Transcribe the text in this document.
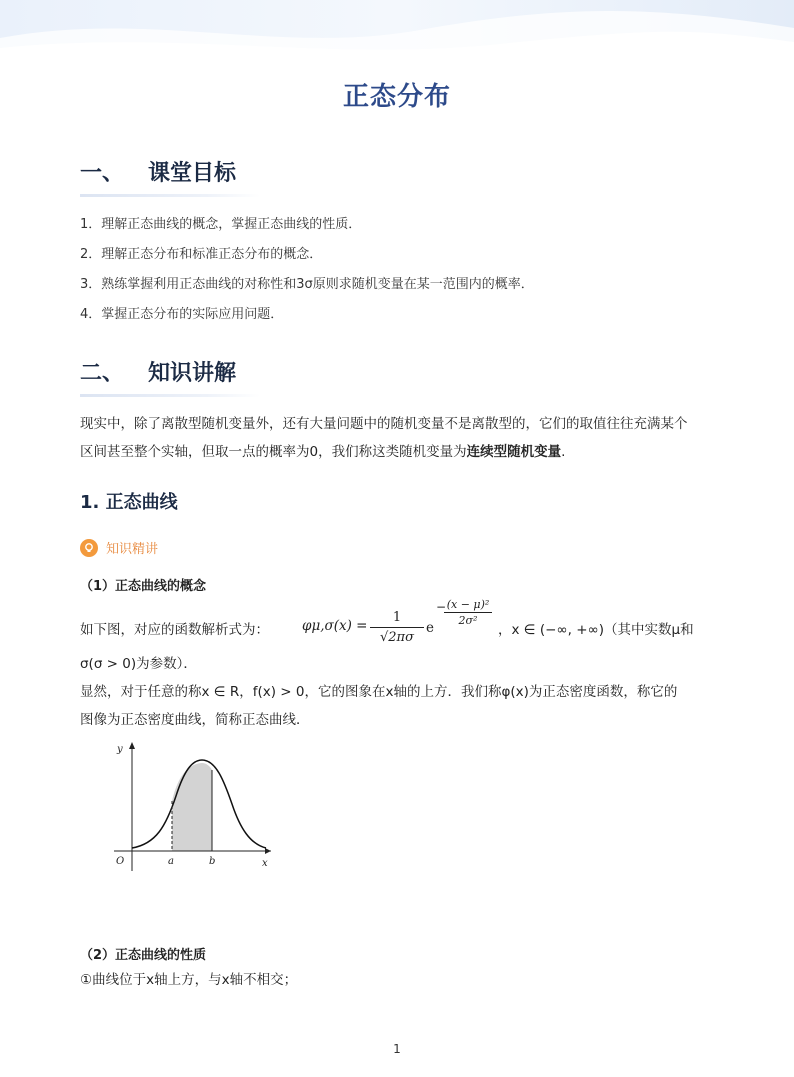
正态分布
一、 课堂目标
1．理解正态曲线的概念，掌握正态曲线的性质．
2．理解正态分布和标准正态分布的概念．
3．熟练掌握利用正态曲线的对称性和3σ原则求随机变量在某一范围内的概率．
4．掌握正态分布的实际应用问题．
二、 知识讲解
现实中，除了离散型随机变量外，还有大量问题中的随机变量不是离散型的，它们的取值往往充满某个
区间甚至整个实轴，但取一点的概率为0，我们称这类随机变量为连续型随机变量.
1. 正态曲线
知识精讲
（1）正态曲线的概念
如下图，对应的函数解析式为： φμ,σ(x) =
1
√2πσ
e
− (x − μ)²
2σ²
，x ∈ (−∞, +∞)（其中实数μ和
σ(σ > 0)为参数）．
显然，对于任意的称x ∈ R，f(x) > 0，它的图象在x轴的上方．我们称φ(x)为正态密度函数，称它的
图像为正态密度曲线，简称正态曲线．
y
x
O	a	b
（2）正态曲线的性质
①曲线位于x轴上方，与x轴不相交；
1
